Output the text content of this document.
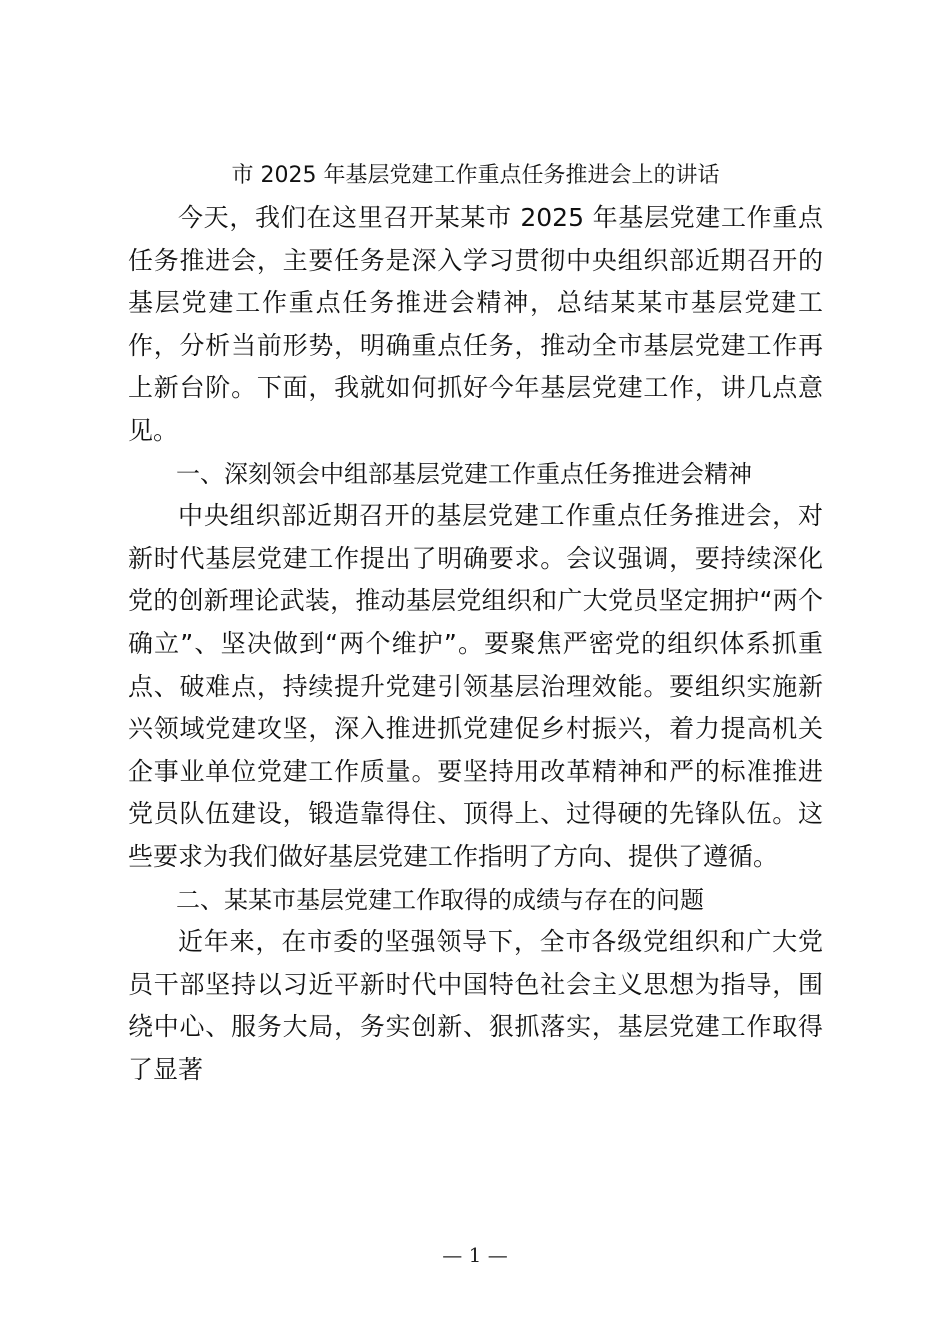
市 2025 年基层党建工作重点任务推进会上的讲话

今天，我们在这里召开某某市 2025 年基层党建工作重点任务推进会，主要任务是深入学习贯彻中央组织部近期召开的基层党建工作重点任务推进会精神，总结某某市基层党建工作，分析当前形势，明确重点任务，推动全市基层党建工作再上新台阶。下面，我就如何抓好今年基层党建工作，讲几点意见。

一、深刻领会中组部基层党建工作重点任务推进会精神

中央组织部近期召开的基层党建工作重点任务推进会，对新时代基层党建工作提出了明确要求。会议强调，要持续深化党的创新理论武装，推动基层党组织和广大党员坚定拥护“两个确立”、坚决做到“两个维护”。要聚焦严密党的组织体系抓重点、破难点，持续提升党建引领基层治理效能。要组织实施新兴领域党建攻坚，深入推进抓党建促乡村振兴，着力提高机关企事业单位党建工作质量。要坚持用改革精神和严的标准推进党员队伍建设，锻造靠得住、顶得上、过得硬的先锋队伍。这些要求为我们做好基层党建工作指明了方向、提供了遵循。

二、某某市基层党建工作取得的成绩与存在的问题

近年来，在市委的坚强领导下，全市各级党组织和广大党员干部坚持以习近平新时代中国特色社会主义思想为指导，围绕中心、服务大局，务实创新、狠抓落实，基层党建工作取得了显著

— 1 —
